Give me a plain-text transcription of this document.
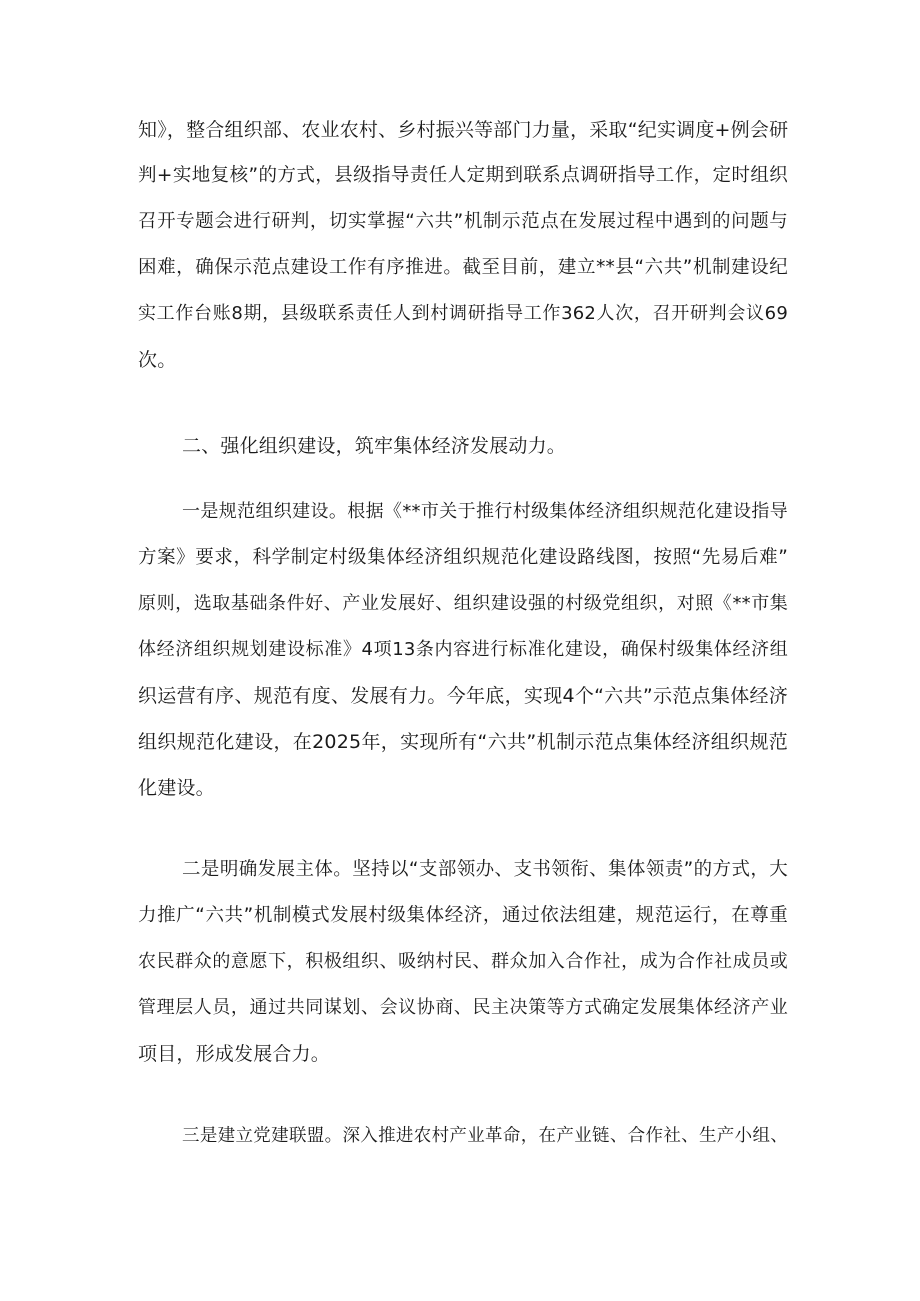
知》，整合组织部、农业农村、乡村振兴等部门力量，采取“纪实调度+例会研
判+实地复核”的方式，县级指导责任人定期到联系点调研指导工作，定时组织
召开专题会进行研判，切实掌握“六共”机制示范点在发展过程中遇到的问题与
困难，确保示范点建设工作有序推进。截至目前，建立**县“六共”机制建设纪
实工作台账8期，县级联系责任人到村调研指导工作362人次，召开研判会议69
次。
二、强化组织建设，筑牢集体经济发展动力。
一是规范组织建设。根据《**市关于推行村级集体经济组织规范化建设指导
方案》要求，科学制定村级集体经济组织规范化建设路线图，按照“先易后难”
原则，选取基础条件好、产业发展好、组织建设强的村级党组织，对照《**市集
体经济组织规划建设标准》4项13条内容进行标准化建设，确保村级集体经济组
织运营有序、规范有度、发展有力。今年底，实现4个“六共”示范点集体经济
组织规范化建设，在2025年，实现所有“六共”机制示范点集体经济组织规范
化建设。
二是明确发展主体。坚持以“支部领办、支书领衔、集体领责”的方式，大
力推广“六共”机制模式发展村级集体经济，通过依法组建，规范运行，在尊重
农民群众的意愿下，积极组织、吸纳村民、群众加入合作社，成为合作社成员或
管理层人员，通过共同谋划、会议协商、民主决策等方式确定发展集体经济产业
项目，形成发展合力。
三是建立党建联盟。深入推进农村产业革命，在产业链、合作社、生产小组、
